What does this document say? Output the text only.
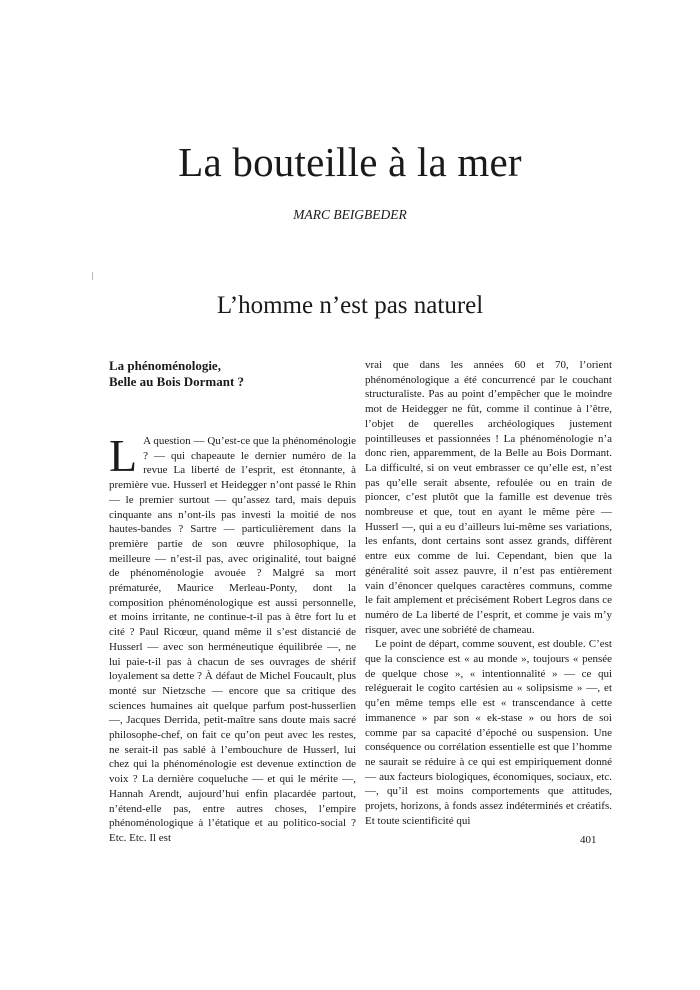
La bouteille à la mer
MARC BEIGBEDER
L’homme n’est pas naturel

La phénoménologie,
Belle au Bois Dormant ?

L A question — Qu’est-ce que la phénoménologie ? — qui chapeaute le dernier numéro de la revue La liberté de l’esprit, est étonnante, à première vue. Husserl et Heidegger n’ont passé le Rhin — le premier surtout — qu’assez tard, mais depuis cinquante ans n’ont-ils pas investi la moitié de nos hautes-bandes ? Sartre — particulièrement dans la première partie de son œuvre philosophique, la meilleure — n’est-il pas, avec originalité, tout baigné de phénoménologie avouée ? Malgré sa mort prématurée, Maurice Merleau-Ponty, dont la composition phénoménologique est aussi personnelle, et moins irritante, ne continue-t-il pas à être fort lu et cité ? Paul Ricœur, quand même il s’est distancié de Husserl — avec son herméneutique équilibrée —, ne lui paie-t-il pas à chacun de ses ouvrages de shérif loyalement sa dette ? À défaut de Michel Foucault, plus monté sur Nietzsche — encore que sa critique des sciences humaines ait quelque parfum post-husserlien —, Jacques Derrida, petit-maître sans doute mais sacré philosophe-chef, on fait ce qu’on peut avec les restes, ne serait-il pas sablé à l’embouchure de Husserl, lui chez qui la phénoménologie est devenue extinction de voix ? La dernière coqueluche — et qui le mérite —, Hannah Arendt, aujourd’hui enfin placardée partout, n’étend-elle pas, entre autres choses, l’empire phénoménologique à l’étatique et au politico-social ? Etc. Etc. Il est

vrai que dans les années 60 et 70, l’orient phénoménologique a été concurrencé par le couchant structuraliste. Pas au point d’empêcher que le moindre mot de Heidegger ne fût, comme il continue à l’être, l’objet de querelles archéologiques justement pointilleuses et passionnées ! La phénoménologie n’a donc rien, apparemment, de la Belle au Bois Dormant. La difficulté, si on veut embrasser ce qu’elle est, n’est pas qu’elle serait absente, refoulée ou en train de pioncer, c’est plutôt que la famille est devenue très nombreuse et que, tout en ayant le même père — Husserl —, qui a eu d’ailleurs lui-même ses variations, les enfants, dont certains sont assez grands, diffèrent entre eux comme de lui. Cependant, bien que la généralité soit assez pauvre, il n’est pas entièrement vain d’énoncer quelques caractères communs, comme le fait amplement et précisément Robert Legros dans ce numéro de La liberté de l’esprit, et comme je vais m’y risquer, avec une sobriété de chameau.

Le point de départ, comme souvent, est double. C’est que la conscience est « au monde », toujours « pensée de quelque chose », « intentionnalité » — ce qui reléguerait le cogito cartésien au « solipsisme » —, et qu’en même temps elle est « transcendance à cette immanence » par son « ek-stase » ou hors de soi comme par sa capacité d’époché ou suspension. Une conséquence ou corrélation essentielle est que l’homme ne saurait se réduire à ce qui est empiriquement donné — aux facteurs biologiques, économiques, sociaux, etc. —, qu’il est moins comportements que attitudes, projets, horizons, à fonds assez indéterminés et créatifs. Et toute scientificité qui

401
